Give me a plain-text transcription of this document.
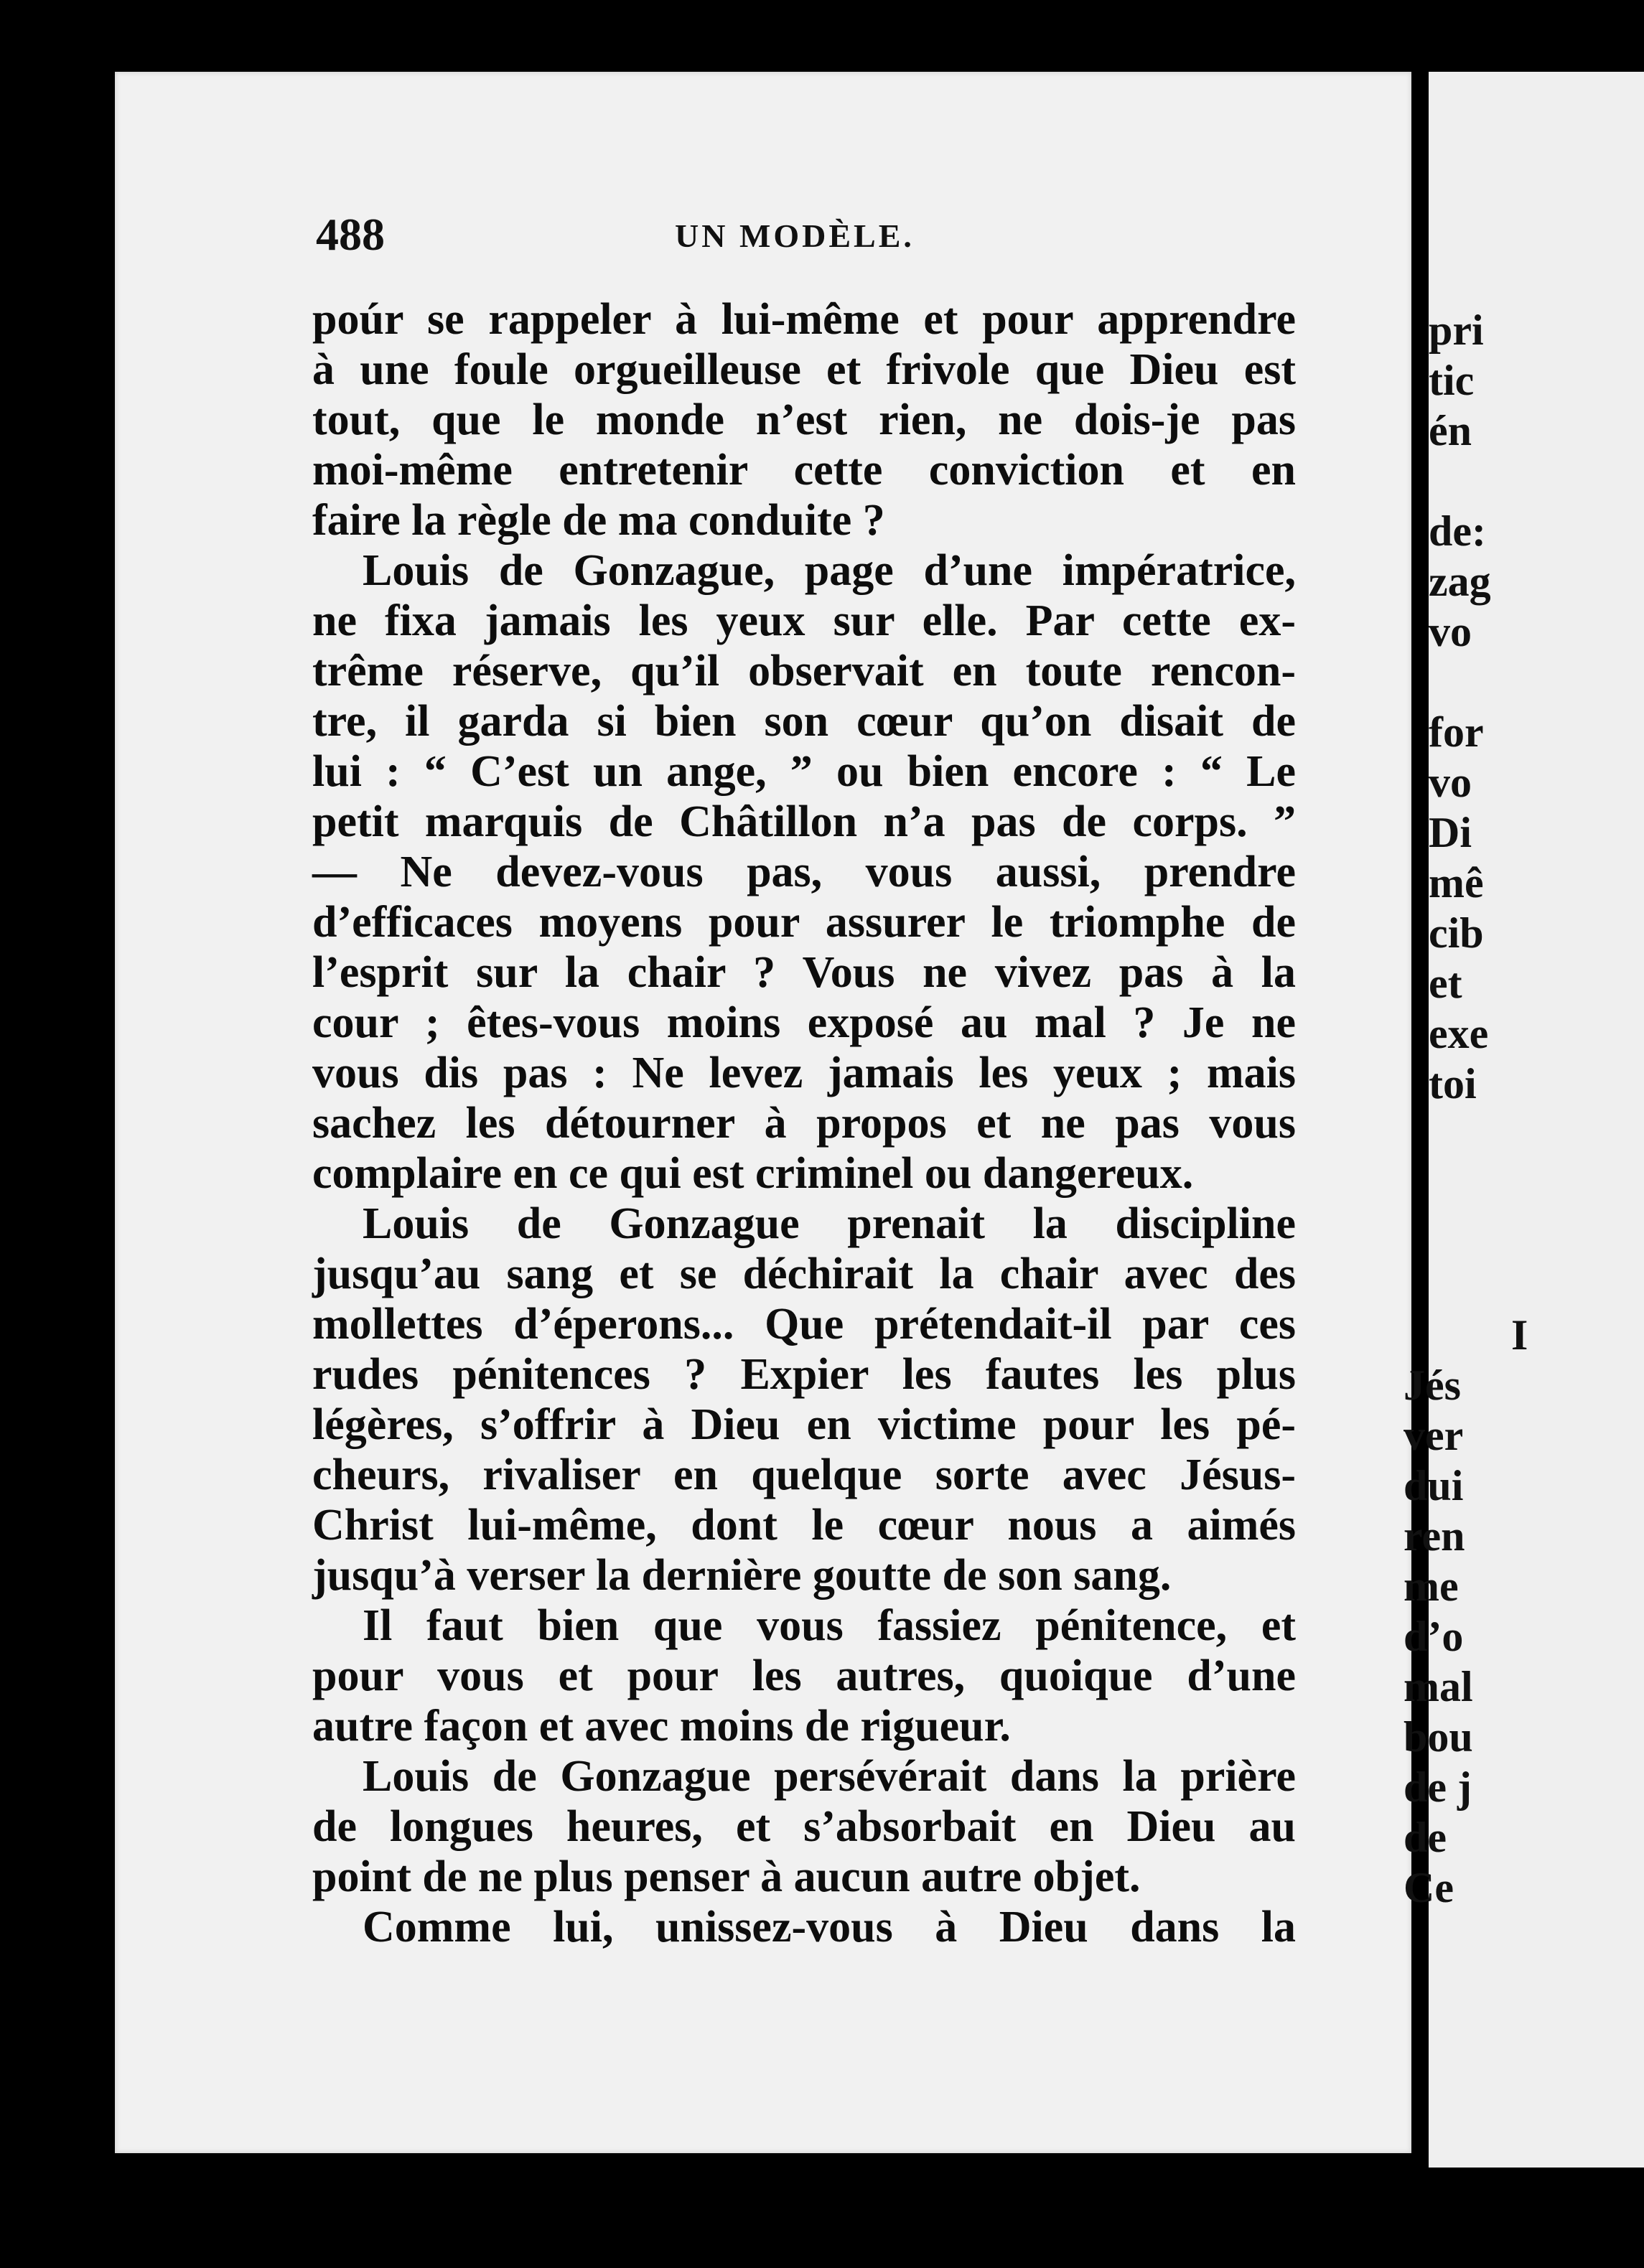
pri
tic
én
de:
zag
vo
for
vo
Di
mê
cib
et
exe
toi
I
Jés
ver
dui
ren
me
d’o
mal
bou
de j
de
Ce
488	UN MODÈLE.
poúr se rappeler à lui-même et pour apprendre
à une foule orgueilleuse et frivole que Dieu est
tout, que le monde n’est rien, ne dois-je pas
moi-même entretenir cette conviction et en
faire la règle de ma conduite ?
Louis de Gonzague, page d’une impératrice,
ne fixa jamais les yeux sur elle. Par cette ex-
trême réserve, qu’il observait en toute rencon-
tre, il garda si bien son cœur qu’on disait de
lui : “ C’est un ange, ” ou bien encore : “ Le
petit marquis de Châtillon n’a pas de corps. ”
— Ne devez-vous pas, vous aussi, prendre
d’efficaces moyens pour assurer le triomphe de
l’esprit sur la chair ? Vous ne vivez pas à la
cour ; êtes-vous moins exposé au mal ? Je ne
vous dis pas : Ne levez jamais les yeux ; mais
sachez les détourner à propos et ne pas vous
complaire en ce qui est criminel ou dangereux.
Louis de Gonzague prenait la discipline
jusqu’au sang et se déchirait la chair avec des
mollettes d’éperons... Que prétendait-il par ces
rudes pénitences ? Expier les fautes les plus
légères, s’offrir à Dieu en victime pour les pé-
cheurs, rivaliser en quelque sorte avec Jésus-
Christ lui-même, dont le cœur nous a aimés
jusqu’à verser la dernière goutte de son sang.
Il faut bien que vous fassiez pénitence, et
pour vous et pour les autres, quoique d’une
autre façon et avec moins de rigueur.
Louis de Gonzague persévérait dans la prière
de longues heures, et s’absorbait en Dieu au
point de ne plus penser à aucun autre objet.
Comme lui, unissez-vous à Dieu dans la
